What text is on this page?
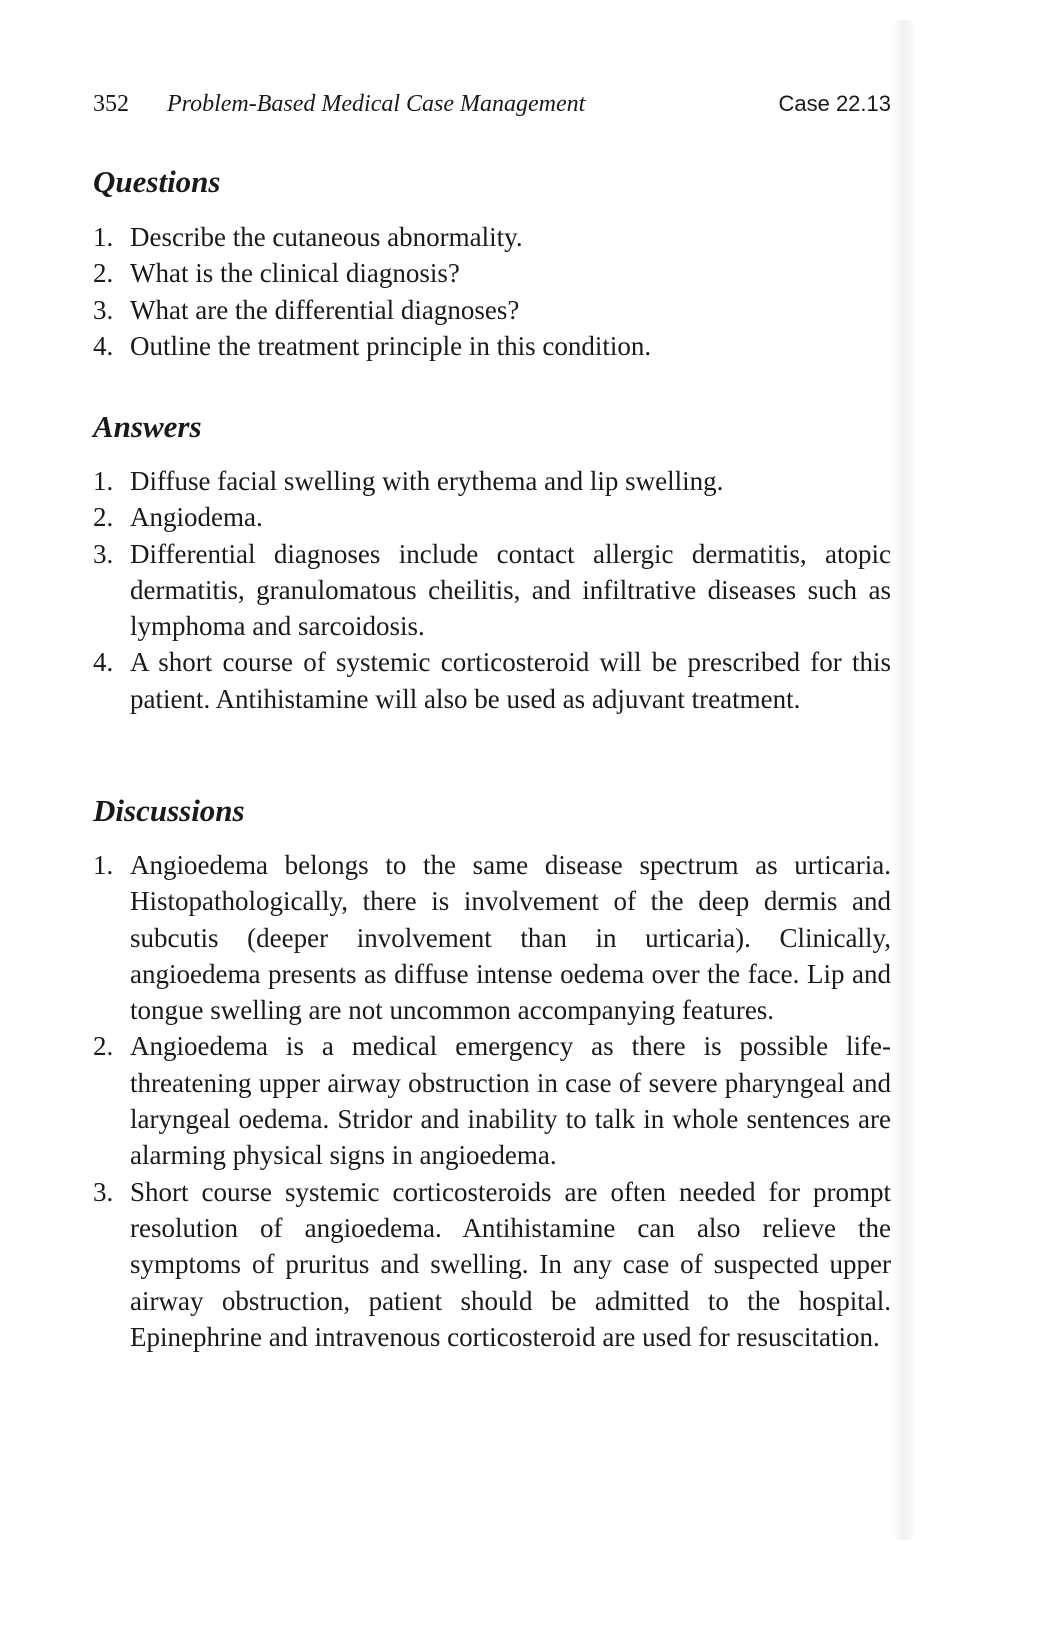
352 Problem-Based Medical Case Management	Case 22.13
Questions
1. Describe the cutaneous abnormality.
2. What is the clinical diagnosis?
3. What are the differential diagnoses?
4. Outline the treatment principle in this condition.
Answers
1. Diffuse facial swelling with erythema and lip swelling.
2. Angiodema.
3. Differential diagnoses include contact allergic dermatitis, atopic dermatitis, granulomatous cheilitis, and infiltrative diseases such as lymphoma and sarcoidosis.
4. A short course of systemic corticosteroid will be prescribed for this patient. Antihistamine will also be used as adjuvant treatment.
Discussions
1. Angioedema belongs to the same disease spectrum as urticaria. Histopathologically, there is involvement of the deep dermis and subcutis (deeper involvement than in urticaria). Clinically, angioedema presents as diffuse intense oedema over the face. Lip and tongue swelling are not uncommon accompanying features.
2. Angioedema is a medical emergency as there is possible life-threatening upper airway obstruction in case of severe pharyngeal and laryngeal oedema. Stridor and inability to talk in whole sentences are alarming physical signs in angioedema.
3. Short course systemic corticosteroids are often needed for prompt resolution of angioedema. Antihistamine can also relieve the symptoms of pruritus and swelling. In any case of suspected upper airway obstruction, patient should be admitted to the hospital. Epinephrine and intravenous corticosteroid are used for resuscitation.
